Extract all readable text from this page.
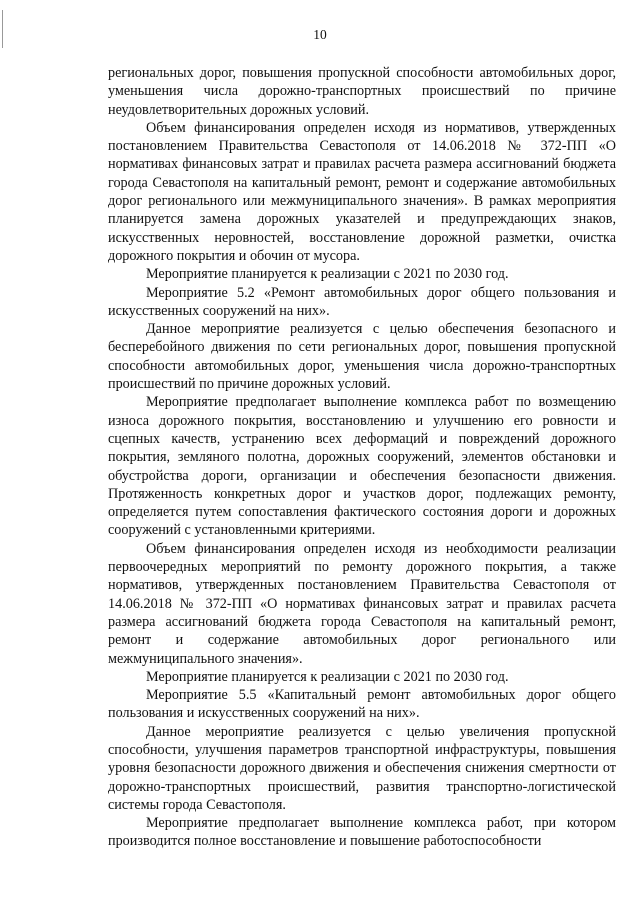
10

региональных дорог, повышения пропускной способности автомобильных дорог, уменьшения числа дорожно-транспортных происшествий по причине неудовлетворительных дорожных условий.

Объем финансирования определен исходя из нормативов, утвержденных постановлением Правительства Севастополя от 14.06.2018 № 372-ПП «О нормативах финансовых затрат и правилах расчета размера ассигнований бюджета города Севастополя на капитальный ремонт, ремонт и содержание автомобильных дорог регионального или межмуниципального значения». В рамках мероприятия планируется замена дорожных указателей и предупреждающих знаков, искусственных неровностей, восстановление дорожной разметки, очистка дорожного покрытия и обочин от мусора.

Мероприятие планируется к реализации с 2021 по 2030 год.

Мероприятие 5.2 «Ремонт автомобильных дорог общего пользования и искусственных сооружений на них».

Данное мероприятие реализуется с целью обеспечения безопасного и бесперебойного движения по сети региональных дорог, повышения пропускной способности автомобильных дорог, уменьшения числа дорожно-транспортных происшествий по причине дорожных условий.

Мероприятие предполагает выполнение комплекса работ по возмещению износа дорожного покрытия, восстановлению и улучшению его ровности и сцепных качеств, устранению всех деформаций и повреждений дорожного покрытия, земляного полотна, дорожных сооружений, элементов обстановки и обустройства дороги, организации и обеспечения безопасности движения. Протяженность конкретных дорог и участков дорог, подлежащих ремонту, определяется путем сопоставления фактического состояния дороги и дорожных сооружений с установленными критериями.

Объем финансирования определен исходя из необходимости реализации первоочередных мероприятий по ремонту дорожного покрытия, а также нормативов, утвержденных постановлением Правительства Севастополя от 14.06.2018 № 372-ПП «О нормативах финансовых затрат и правилах расчета размера ассигнований бюджета города Севастополя на капитальный ремонт, ремонт и содержание автомобильных дорог регионального или межмуниципального значения».

Мероприятие планируется к реализации с 2021 по 2030 год.

Мероприятие 5.5 «Капитальный ремонт автомобильных дорог общего пользования и искусственных сооружений на них».

Данное мероприятие реализуется с целью увеличения пропускной способности, улучшения параметров транспортной инфраструктуры, повышения уровня безопасности дорожного движения и обеспечения снижения смертности от дорожно-транспортных происшествий, развития транспортно-логистической системы города Севастополя.

Мероприятие предполагает выполнение комплекса работ, при котором производится полное восстановление и повышение работоспособности
